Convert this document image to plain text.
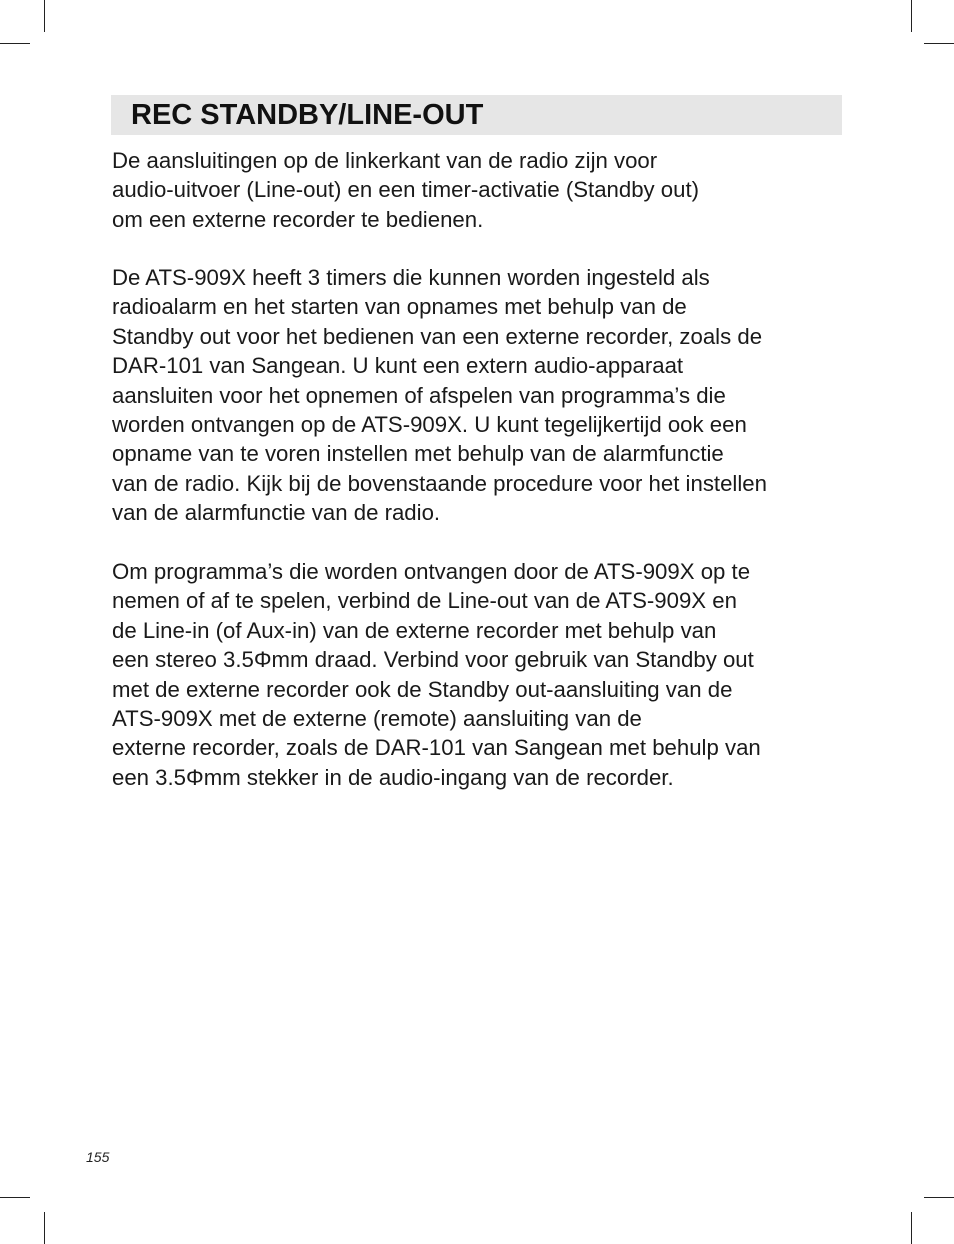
REC STANDBY/LINE-OUT

De aansluitingen op de linkerkant van de radio zijn voor
audio-uitvoer (Line-out) en een timer-activatie (Standby out)
om een externe recorder te bedienen.

De ATS-909X heeft 3 timers die kunnen worden ingesteld als
radioalarm en het starten van opnames met behulp van de
Standby out voor het bedienen van een externe recorder, zoals de
DAR-101 van Sangean. U kunt een extern audio-apparaat
aansluiten voor het opnemen of afspelen van programma’s die
worden ontvangen op de ATS-909X. U kunt tegelijkertijd ook een
opname van te voren instellen met behulp van de alarmfunctie
van de radio. Kijk bij de bovenstaande procedure voor het instellen
van de alarmfunctie van de radio.

Om programma’s die worden ontvangen door de ATS-909X op te
nemen of af te spelen, verbind de Line-out van de ATS-909X en
de Line-in (of Aux-in) van de externe recorder met behulp van
een stereo 3.5Φmm draad. Verbind voor gebruik van Standby out
met de externe recorder ook de Standby out-aansluiting van de
ATS-909X met de externe (remote) aansluiting van de
externe recorder, zoals de DAR-101 van Sangean met behulp van
een 3.5Φmm stekker in de audio-ingang van de recorder.

155
